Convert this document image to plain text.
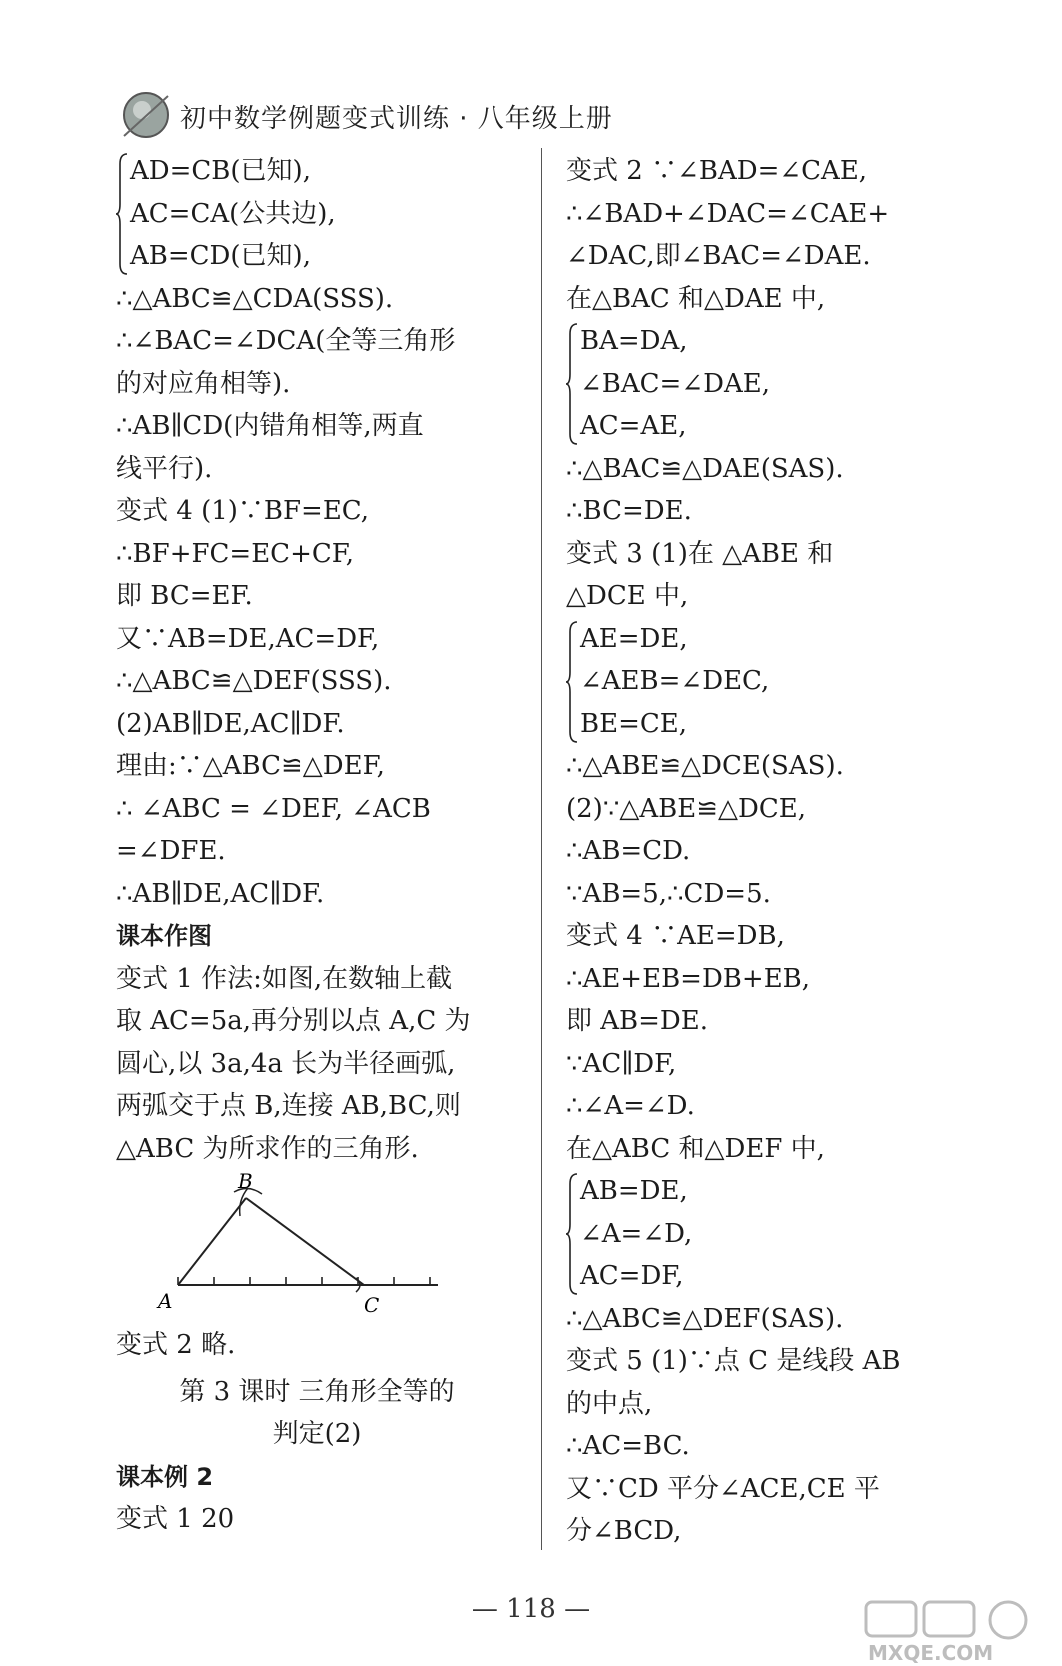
初中数学例题变式训练 · 八年级上册
AD=CB(已知),
AC=CA(公共边),
AB=CD(已知),
∴△ABC≌△CDA(SSS).
∴∠BAC=∠DCA(全等三角形
的对应角相等).
∴AB∥CD(内错角相等,两直
线平行).
变式 4 (1)∵BF=EC,
∴BF+FC=EC+CF,
即 BC=EF.
又∵AB=DE,AC=DF,
∴△ABC≌△DEF(SSS).
(2)AB∥DE,AC∥DF.
理由:∵△ABC≌△DEF,
∴ ∠ABC = ∠DEF, ∠ACB
=∠DFE.
∴AB∥DE,AC∥DF.
课本作图
变式 1 作法:如图,在数轴上截
取 AC=5a,再分别以点 A,C 为
圆心,以 3a,4a 长为半径画弧,
两弧交于点 B,连接 AB,BC,则
△ABC 为所求作的三角形.
B
A	C
变式 2 略.
第 3 课时 三角形全等的
判定(2)
课本例 2
变式 1 20
变式 2 ∵∠BAD=∠CAE,
∴∠BAD+∠DAC=∠CAE+
∠DAC,即∠BAC=∠DAE.
在△BAC 和△DAE 中,
BA=DA,
∠BAC=∠DAE,
AC=AE,
∴△BAC≌△DAE(SAS).
∴BC=DE.
变式 3 (1)在 △ABE 和
△DCE 中,
AE=DE,
∠AEB=∠DEC,
BE=CE,
∴△ABE≌△DCE(SAS).
(2)∵△ABE≌△DCE,
∴AB=CD.
∵AB=5,∴CD=5.
变式 4 ∵AE=DB,
∴AE+EB=DB+EB,
即 AB=DE.
∵AC∥DF,
∴∠A=∠D.
在△ABC 和△DEF 中,
AB=DE,
∠A=∠D,
AC=DF,
∴△ABC≌△DEF(SAS).
变式 5 (1)∵点 C 是线段 AB
的中点,
∴AC=BC.
又∵CD 平分∠ACE,CE 平
分∠BCD,
— 118 —
MXQE.COM
